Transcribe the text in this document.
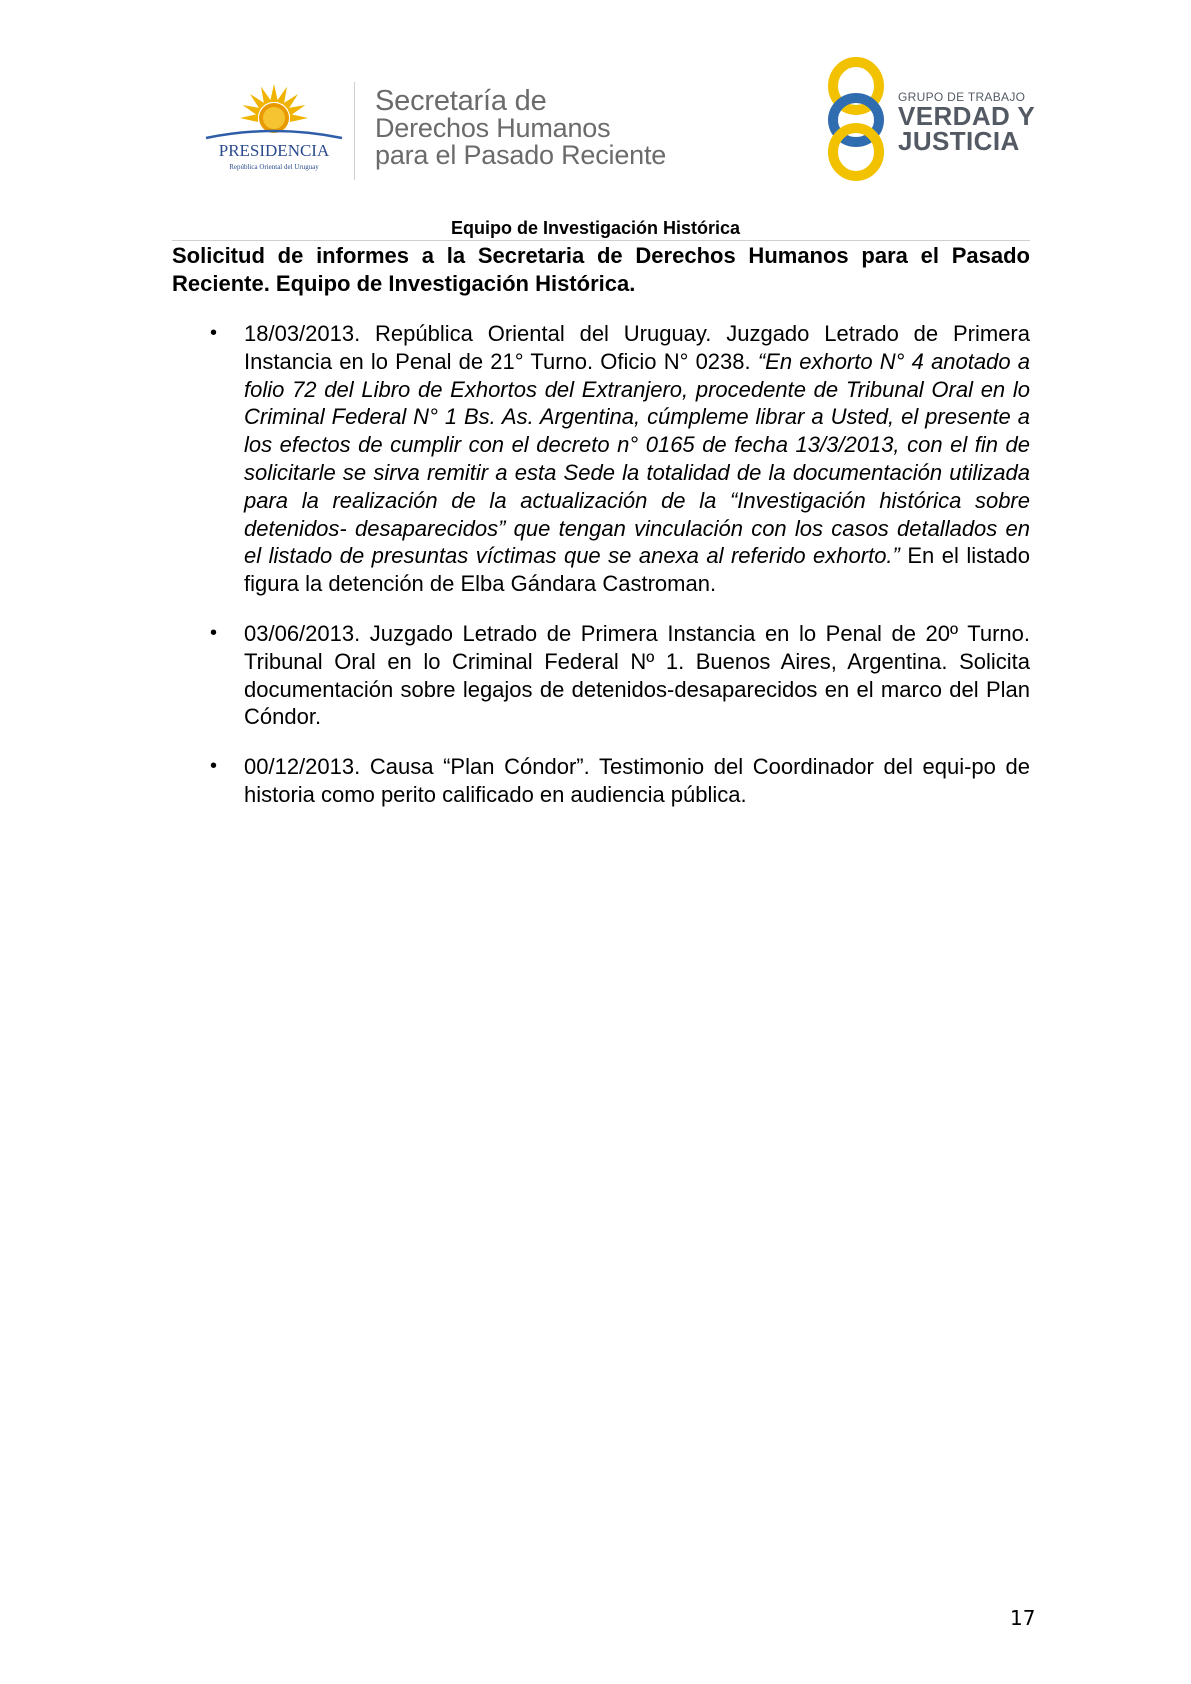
PRESIDENCIA
República Oriental del Uruguay
Secretaría de
Derechos Humanos
para el Pasado Reciente
GRUPO DE TRABAJO
VERDAD Y
JUSTICIA
Equipo de Investigación Histórica
Solicitud de informes a la Secretaria de Derechos Humanos para el Pasado Reciente. Equipo de Investigación Histórica.
• 18/03/2013. República Oriental del Uruguay. Juzgado Letrado de Primera Instancia en lo Penal de 21° Turno. Oficio N° 0238. “En exhorto N° 4 anotado a folio 72 del Libro de Exhortos del Extranjero, procedente de Tribunal Oral en lo Criminal Federal N° 1 Bs. As. Argentina, cúmpleme librar a Usted, el presente a los efectos de cumplir con el decreto n° 0165 de fecha 13/3/2013, con el fin de solicitarle se sirva remitir a esta Sede la totalidad de la documentación utilizada para la realización de la actualización de la “Investigación histórica sobre detenidos- desaparecidos” que tengan vinculación con los casos detallados en el listado de presuntas víctimas que se anexa al referido exhorto.” En el listado figura la detención de Elba Gándara Castroman.
• 03/06/2013. Juzgado Letrado de Primera Instancia en lo Penal de 20º Turno. Tribunal Oral en lo Criminal Federal Nº 1. Buenos Aires, Argentina. Solicita documentación sobre legajos de detenidos-desaparecidos en el marco del Plan Cóndor.
• 00/12/2013. Causa “Plan Cóndor”. Testimonio del Coordinador del equi-po de historia como perito calificado en audiencia pública.
17
